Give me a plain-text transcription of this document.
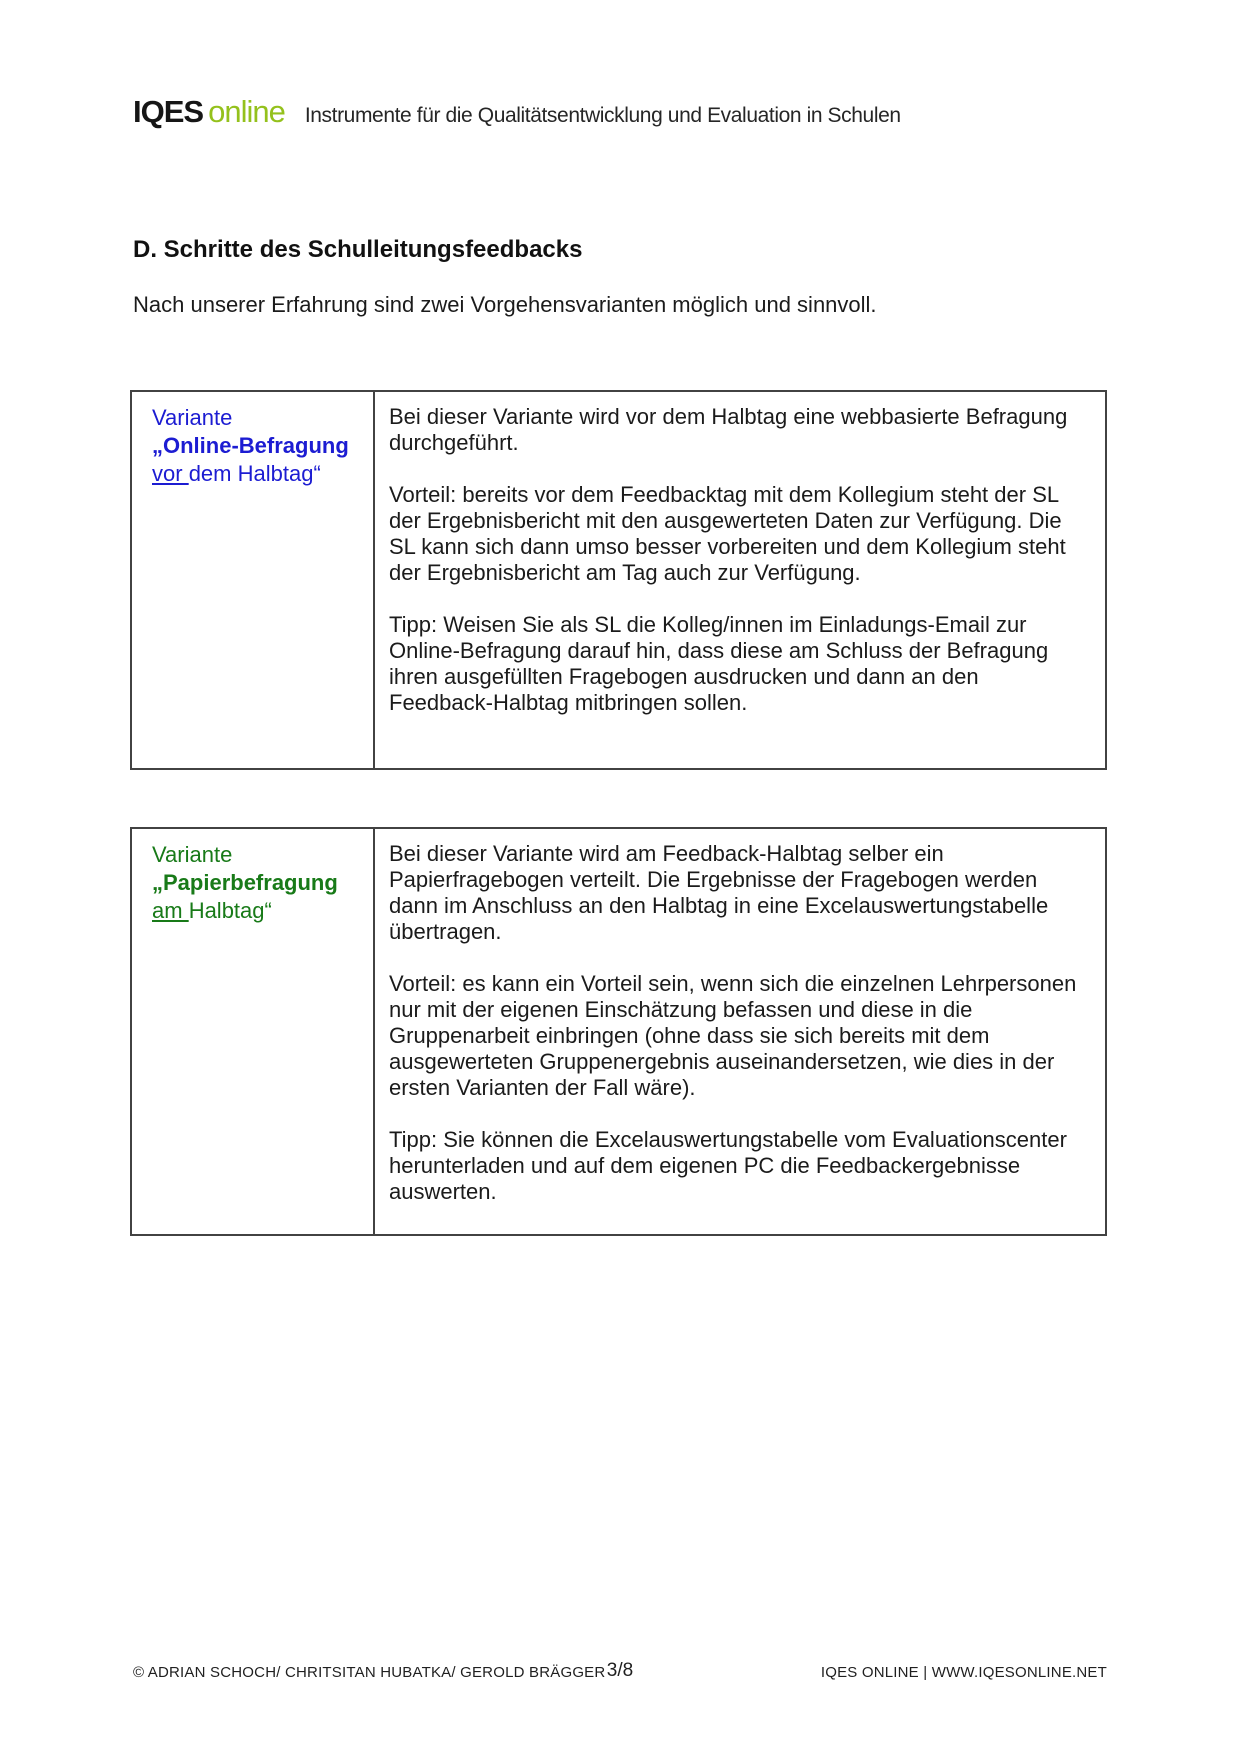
IQES online Instrumente für die Qualitätsentwicklung und Evaluation in Schulen
D. Schritte des Schulleitungsfeedbacks
Nach unserer Erfahrung sind zwei Vorgehensvarianten möglich und sinnvoll.
Variante
„Online-Befragung
vor dem Halbtag“

Bei dieser Variante wird vor dem Halbtag eine webbasierte Befragung durchgeführt.

Vorteil: bereits vor dem Feedbacktag mit dem Kollegium steht der SL der Ergebnisbericht mit den ausgewerteten Daten zur Verfügung. Die SL kann sich dann umso besser vorbereiten und dem Kollegium steht der Ergebnisbericht am Tag auch zur Verfügung.

Tipp: Weisen Sie als SL die Kolleg/innen im Einladungs-Email zur Online-Befragung darauf hin, dass diese am Schluss der Befragung ihren ausgefüllten Fragebogen ausdrucken und dann an den Feedback-Halbtag mitbringen sollen.

Variante
„Papierbefragung
am Halbtag“

Bei dieser Variante wird am Feedback-Halbtag selber ein Papierfragebogen verteilt. Die Ergebnisse der Fragebogen werden dann im Anschluss an den Halbtag in eine Excelauswertungstabelle übertragen.

Vorteil: es kann ein Vorteil sein, wenn sich die einzelnen Lehrpersonen nur mit der eigenen Einschätzung befassen und diese in die Gruppenarbeit einbringen (ohne dass sie sich bereits mit dem ausgewerteten Gruppenergebnis auseinandersetzen, wie dies in der ersten Varianten der Fall wäre).

Tipp: Sie können die Excelauswertungstabelle vom Evaluationscenter herunterladen und auf dem eigenen PC die Feedbackergebnisse auswerten.

© ADRIAN SCHOCH/ CHRITSITAN HUBATKA/ GEROLD BRÄGGER 3/8	IQES ONLINE | WWW.IQESONLINE.NET
